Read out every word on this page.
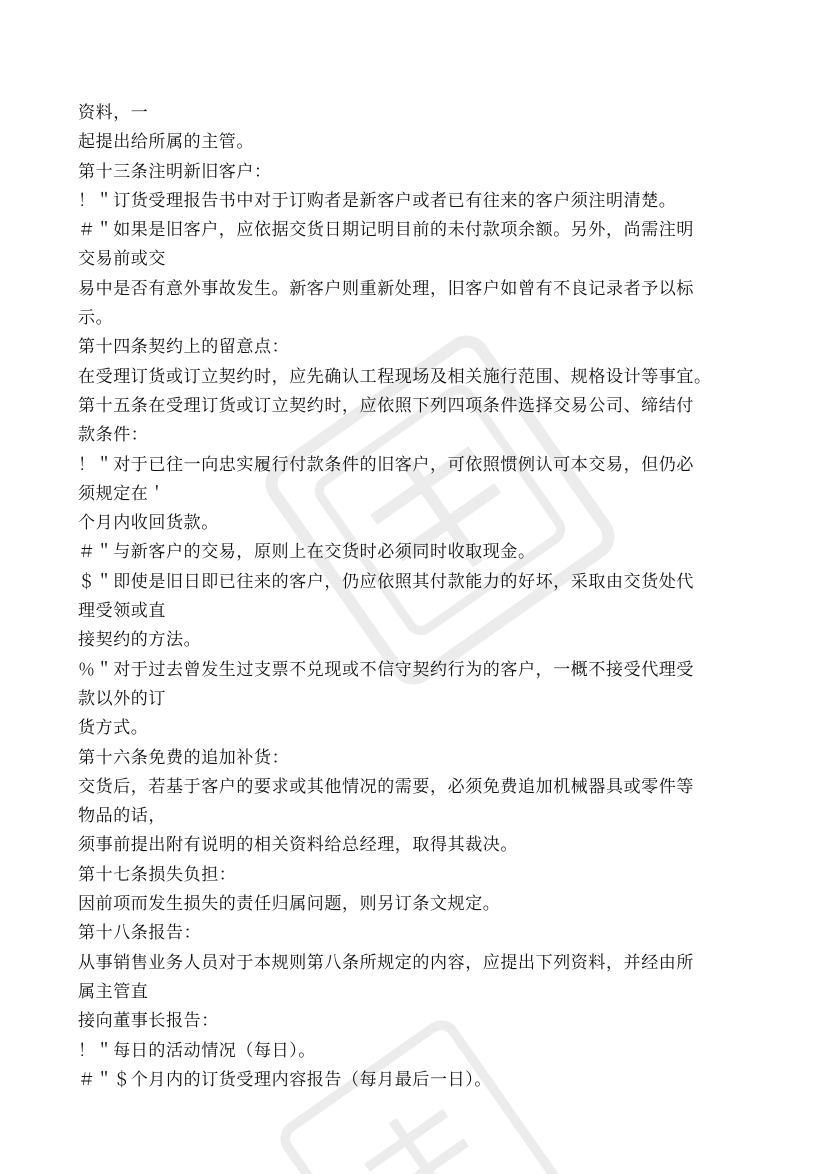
资料，一
起提出给所属的主管。
第十三条注明新旧客户：
！＂订货受理报告书中对于订购者是新客户或者已有往来的客户须注明清楚。
＃＂如果是旧客户，应依据交货日期记明目前的未付款项余额。另外，尚需注明
交易前或交
易中是否有意外事故发生。新客户则重新处理，旧客户如曾有不良记录者予以标
示。
第十四条契约上的留意点：
在受理订货或订立契约时，应先确认工程现场及相关施行范围、规格设计等事宜。
第十五条在受理订货或订立契约时，应依照下列四项条件选择交易公司、缔结付
款条件：
！＂对于已往一向忠实履行付款条件的旧客户，可依照惯例认可本交易，但仍必
须规定在＇
个月内收回货款。
＃＂与新客户的交易，原则上在交货时必须同时收取现金。
＄＂即使是旧日即已往来的客户，仍应依照其付款能力的好坏，采取由交货处代
理受领或直
接契约的方法。
％＂对于过去曾发生过支票不兑现或不信守契约行为的客户，一概不接受代理受
款以外的订
货方式。
第十六条免费的追加补货：
交货后，若基于客户的要求或其他情况的需要，必须免费追加机械器具或零件等
物品的话，
须事前提出附有说明的相关资料给总经理，取得其裁决。
第十七条损失负担：
因前项而发生损失的责任归属问题，则另订条文规定。
第十八条报告：
从事销售业务人员对于本规则第八条所规定的内容，应提出下列资料，并经由所
属主管直
接向董事长报告：
！＂每日的活动情况（每日）。
＃＂＄个月内的订货受理内容报告（每月最后一日）。
